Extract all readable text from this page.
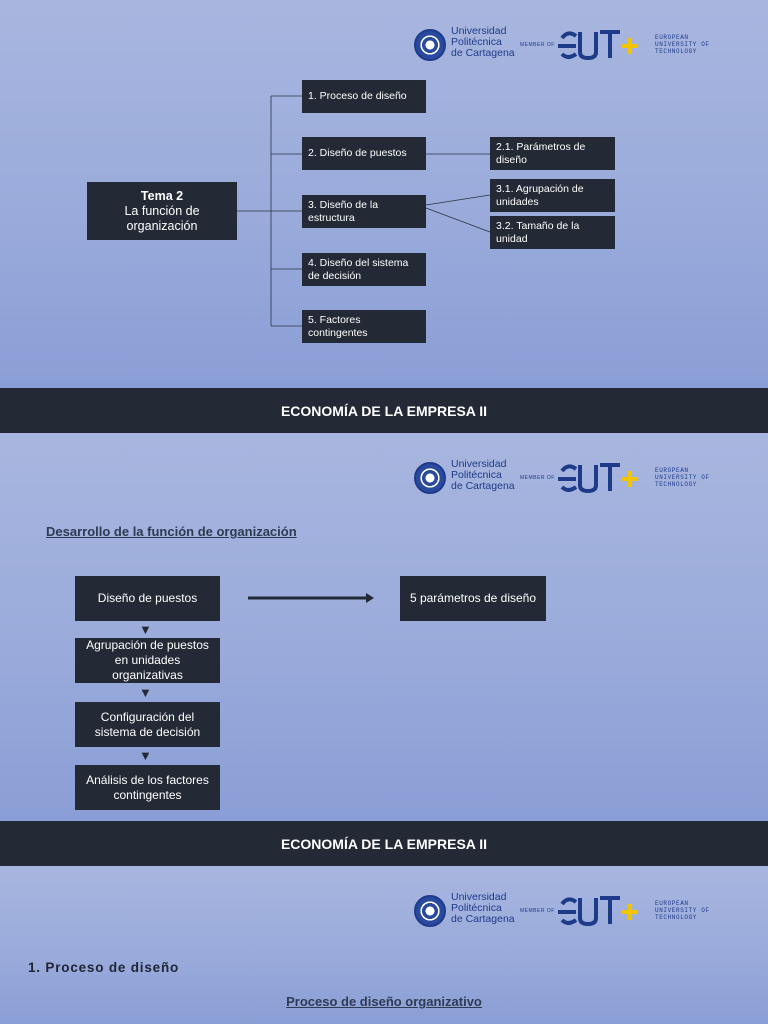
Universidad
Politécnica
de Cartagena
MEMBER OF
EUROPEAN
UNIVERSITY OF
TECHNOLOGY
Tema 2
La función de organización
1. Proceso de diseño
2. Diseño de puestos
3. Diseño de la estructura
4. Diseño del sistema de decisión
5. Factores contingentes
2.1. Parámetros de diseño
3.1. Agrupación de unidades
3.2. Tamaño de la unidad
ECONOMÍA DE LA EMPRESA II
Universidad
Politécnica
de Cartagena
MEMBER OF
EUROPEAN
UNIVERSITY OF
TECHNOLOGY
Desarrollo de la función de organización
Diseño de puestos
▼
Agrupación de puestos en unidades organizativas
▼
Configuración del sistema de decisión
▼
Análisis de los factores contingentes
5 parámetros de diseño
ECONOMÍA DE LA EMPRESA II
Universidad
Politécnica
de Cartagena
MEMBER OF
EUROPEAN
UNIVERSITY OF
TECHNOLOGY
1. Proceso de diseño
Proceso de diseño organizativo
